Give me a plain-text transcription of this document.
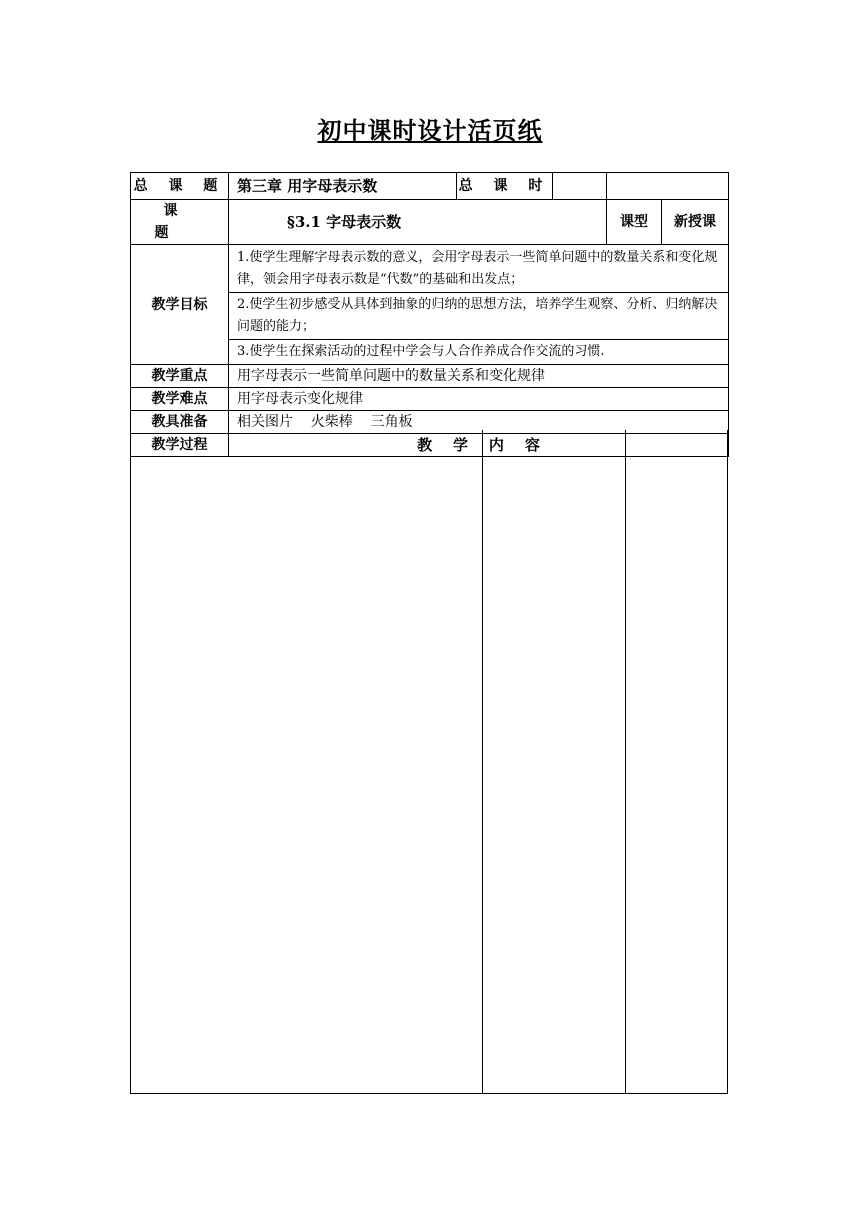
初中课时设计活页纸
总 课 题	第三章 用字母表示数	总 课 时			
课 题	§3.1 字母表示数			课型	新授课
教学目标	1.使学生理解字母表示数的意义，会用字母表示一些简单问题中的数量关系和变化规律，领会用字母表示数是“代数”的基础和出发点；				
	2.使学生初步感受从具体到抽象的归纳的思想方法，培养学生观察、分析、归纳解决问题的能力；				
	3.使学生在探索活动的过程中学会与人合作养成合作交流的习惯.				
教学重点	用字母表示一些简单问题中的数量关系和变化规律				
教学难点	用字母表示变化规律				
教具准备	相关图片    火柴棒    三角板				
教学过程	教    学    内    容				
